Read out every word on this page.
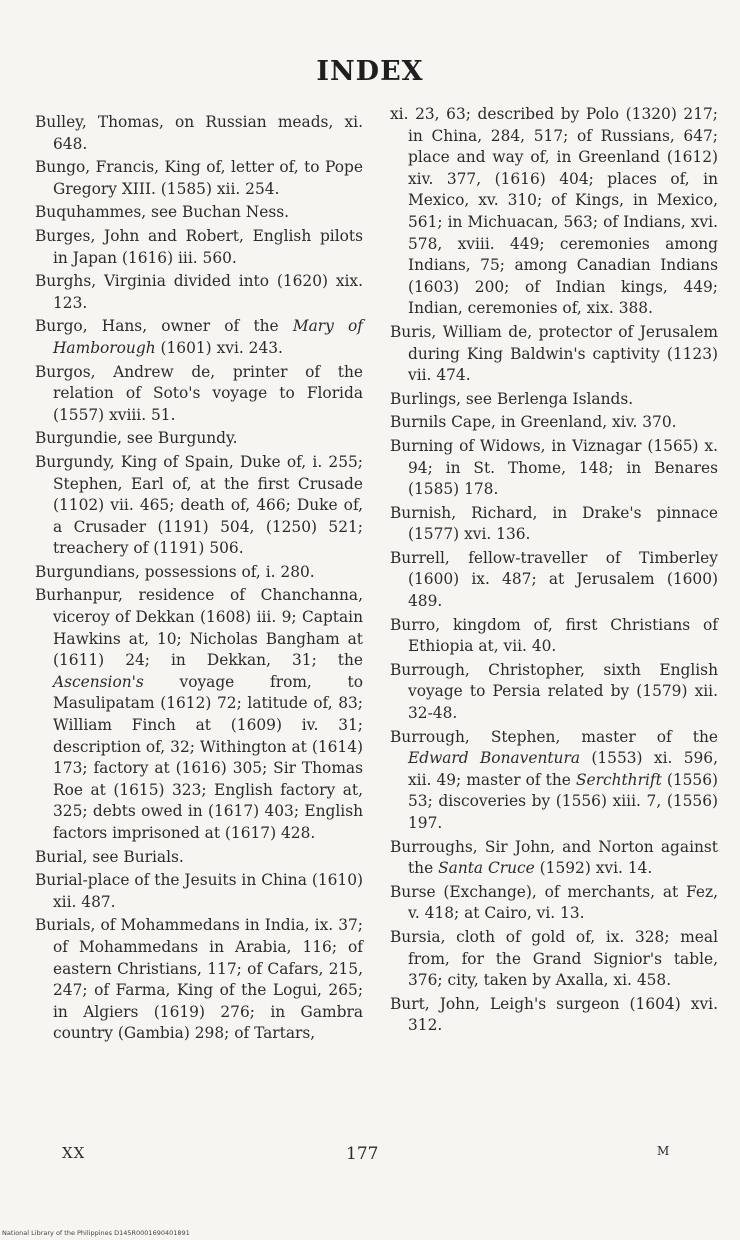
INDEX

Bulley, Thomas, on Russian meads, xi. 648.

Bungo, Francis, King of, letter of, to Pope Gregory XIII. (1585) xii. 254.

Buquhammes, see Buchan Ness.

Burges, John and Robert, English pilots in Japan (1616) iii. 560.

Burghs, Virginia divided into (1620) xix. 123.

Burgo, Hans, owner of the Mary of Hamborough (1601) xvi. 243.

Burgos, Andrew de, printer of the relation of Soto's voyage to Florida (1557) xviii. 51.

Burgundie, see Burgundy.

Burgundy, King of Spain, Duke of, i. 255; Stephen, Earl of, at the first Crusade (1102) vii. 465; death of, 466; Duke of, a Crusader (1191) 504, (1250) 521; treachery of (1191) 506.

Burgundians, possessions of, i. 280.

Burhanpur, residence of Chanchanna, viceroy of Dekkan (1608) iii. 9; Captain Hawkins at, 10; Nicholas Bangham at (1611) 24; in Dekkan, 31; the Ascension's voyage from, to Masulipatam (1612) 72; latitude of, 83; William Finch at (1609) iv. 31; description of, 32; Withington at (1614) 173; factory at (1616) 305; Sir Thomas Roe at (1615) 323; English factory at, 325; debts owed in (1617) 403; English factors imprisoned at (1617) 428.

Burial, see Burials.

Burial-place of the Jesuits in China (1610) xii. 487.

Burials, of Mohammedans in India, ix. 37; of Mohammedans in Arabia, 116; of eastern Christians, 117; of Cafars, 215, 247; of Farma, King of the Logui, 265; in Algiers (1619) 276; in Gambra country (Gambia) 298; of Tartars,

xi. 23, 63; described by Polo (1320) 217; in China, 284, 517; of Russians, 647; place and way of, in Greenland (1612) xiv. 377, (1616) 404; places of, in Mexico, xv. 310; of Kings, in Mexico, 561; in Michuacan, 563; of Indians, xvi. 578, xviii. 449; ceremonies among Indians, 75; among Canadian Indians (1603) 200; of Indian kings, 449; Indian, ceremonies of, xix. 388.

Buris, William de, protector of Jerusalem during King Baldwin's captivity (1123) vii. 474.

Burlings, see Berlenga Islands.

Burnils Cape, in Greenland, xiv. 370.

Burning of Widows, in Viznagar (1565) x. 94; in St. Thome, 148; in Benares (1585) 178.

Burnish, Richard, in Drake's pinnace (1577) xvi. 136.

Burrell, fellow-traveller of Timberley (1600) ix. 487; at Jerusalem (1600) 489.

Burro, kingdom of, first Christians of Ethiopia at, vii. 40.

Burrough, Christopher, sixth English voyage to Persia related by (1579) xii. 32-48.

Burrough, Stephen, master of the Edward Bonaventura (1553) xi. 596, xii. 49; master of the Serchthrift (1556) 53; discoveries by (1556) xiii. 7, (1556) 197.

Burroughs, Sir John, and Norton against the Santa Cruce (1592) xvi. 14.

Burse (Exchange), of merchants, at Fez, v. 418; at Cairo, vi. 13.

Bursia, cloth of gold of, ix. 328; meal from, for the Grand Signior's table, 376; city, taken by Axalla, xi. 458.

Burt, John, Leigh's surgeon (1604) xvi. 312.

XX	177	M
National Library of the Philippines D145R0001690401891
